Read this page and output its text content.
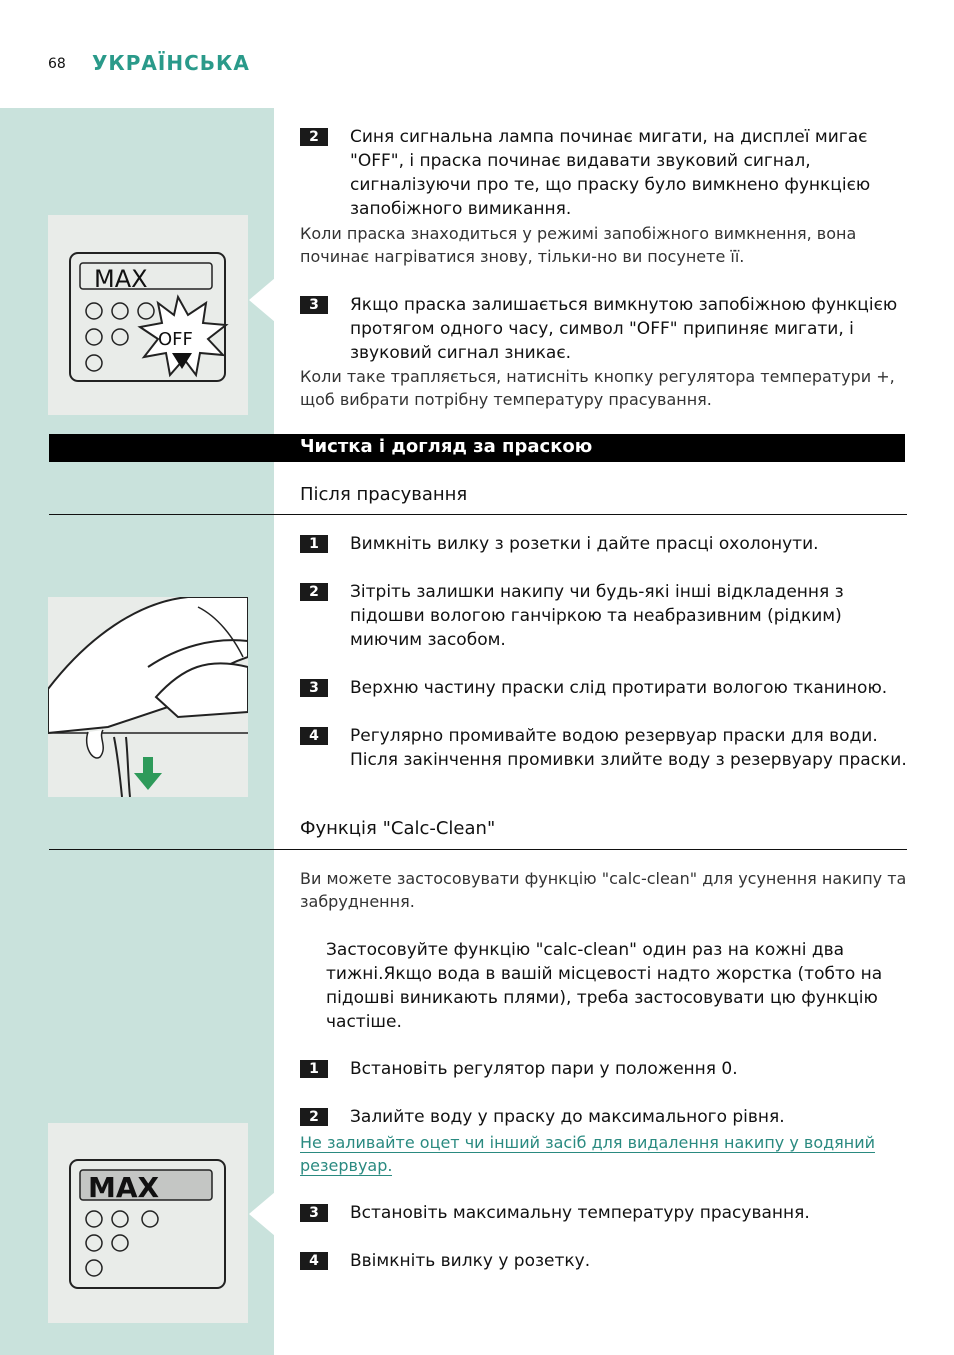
68 УКРАЇНСЬКА
MAX
OFF
2	Синя сигнальна лампа починає мигати, на дисплеї мигає "OFF", і праска починає видавати звуковий сигнал, сигналізуючи про те, що праску було вимкнено функцією запобіжного вимикання.
Коли праска знаходиться у режимі запобіжного вимкнення, вона починає нагріватися знову, тільки-но ви посунете її.
3	Якщо праска залишається вимкнутою запобіжною функцією протягом одного часу, символ "OFF" припиняє мигати, і звуковий сигнал зникає.
Коли таке трапляється, натисніть кнопку регулятора температури +, щоб вибрати потрібну температуру прасування.
Чистка і догляд за праскою
Після прасування
1	Вимкніть вилку з розетки і дайте прасці охолонути.
2	Зітріть залишки накипу чи будь-які інші відкладення з підошви вологою ганчіркою та неабразивним (рідким) миючим засобом.
3	Верхню частину праски слід протирати вологою тканиною.
4	Регулярно промивайте водою резервуар праски для води. Після закінчення промивки злийте воду з резервуару праски.
Функція "Calc-Clean"
Ви можете застосовувати функцію "calc-clean" для усунення накипу та забруднення.
Застосовуйте функцію "calc-clean" один раз на кожні два тижні.Якщо вода в вашій місцевості надто жорстка (тобто на підошві виникають плями), треба застосовувати цю функцію частіше.
1	Встановіть регулятор пари у положення 0.
2	Залийте воду у праску до максимального рівня.
Не заливайте оцет чи інший засіб для видалення накипу у водяний резервуар.
3	Встановіть максимальну температуру прасування.
4	Ввімкніть вилку у розетку.
MAX
